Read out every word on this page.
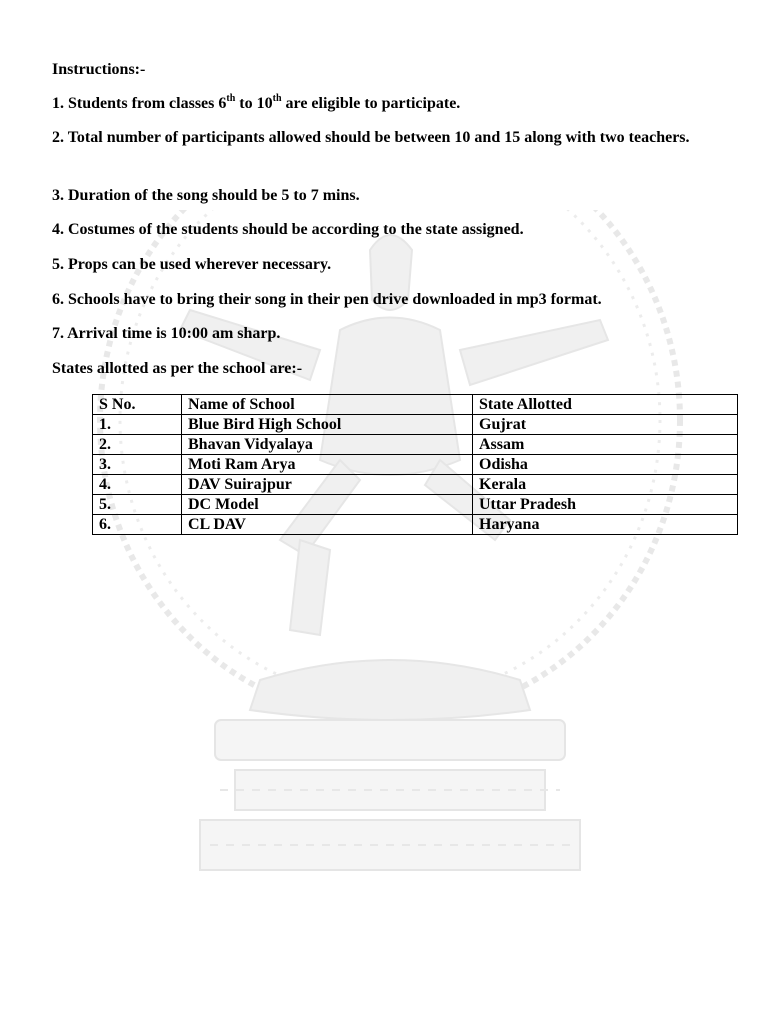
Instructions:-
1. Students from classes 6th to 10th are eligible to participate.
2. Total number of participants allowed should be between 10 and 15 along with two teachers.
3. Duration of the song should be 5 to 7 mins.
4. Costumes of the students should be according to the state assigned.
5. Props can be used wherever necessary.
6. Schools have to bring their song in their pen drive downloaded in mp3 format.
7. Arrival time is 10:00 am sharp.
States allotted as per the school are:-
S No.	Name of School	State Allotted
1.	Blue Bird High School	Gujrat
2.	Bhavan Vidyalaya	Assam
3.	Moti Ram Arya	Odisha
4.	DAV Suirajpur	Kerala
5.	DC Model	Uttar Pradesh
6.	CL DAV	Haryana
